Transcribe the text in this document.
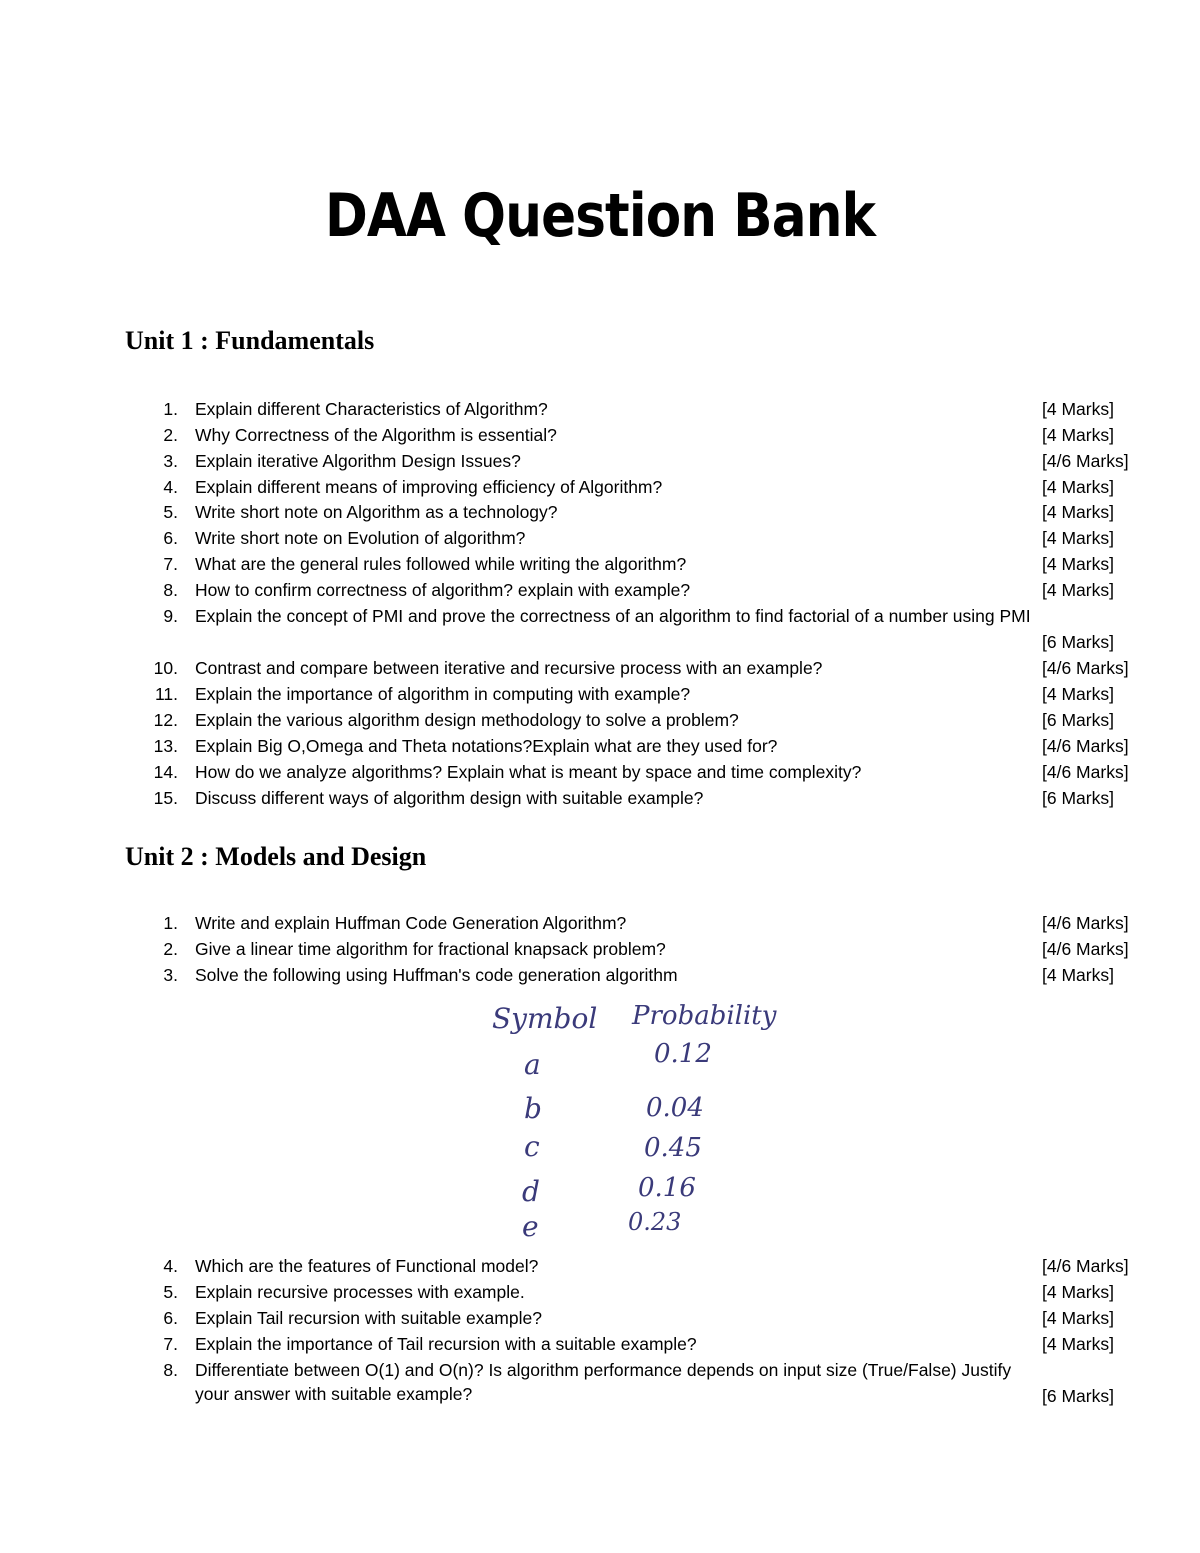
DAA Question Bank
Unit 1 : Fundamentals
1. Explain different Characteristics of Algorithm?	[4 Marks]
2. Why Correctness of the Algorithm is essential?	[4 Marks]
3. Explain iterative Algorithm Design Issues?	[4/6 Marks]
4. Explain different means of improving efficiency of Algorithm?	[4 Marks]
5. Write short note on Algorithm as a technology?	[4 Marks]
6. Write short note on Evolution of algorithm?	[4 Marks]
7. What are the general rules followed while writing the algorithm?	[4 Marks]
8. How to confirm correctness of algorithm? explain with example?	[4 Marks]
9. Explain the concept of PMI and prove the correctness of an algorithm to find factorial of a number using PMI
[6 Marks]
10. Contrast and compare between iterative and recursive process with an example?	[4/6 Marks]
11. Explain the importance of algorithm in computing with example?	[4 Marks]
12. Explain the various algorithm design methodology to solve a problem?	[6 Marks]
13. Explain Big O,Omega and Theta notations?Explain what are they used for?	[4/6 Marks]
14. How do we analyze algorithms? Explain what is meant by space and time complexity?	[4/6 Marks]
15. Discuss different ways of algorithm design with suitable example?	[6 Marks]
Unit 2 : Models and Design
1. Write and explain Huffman Code Generation Algorithm?	[4/6 Marks]
2. Give a linear time algorithm for fractional knapsack problem?	[4/6 Marks]
3. Solve the following using Huffman's code generation algorithm	[4 Marks]
Symbol Probability
a	0.12
b	0.04
c	0.45
d	0.16
e	0.23
4. Which are the features of Functional model?	[4/6 Marks]
5. Explain recursive processes with example.	[4 Marks]
6. Explain Tail recursion with suitable example?	[4 Marks]
7. Explain the importance of Tail recursion with a suitable example?	[4 Marks]
8. Differentiate between O(1) and O(n)? Is algorithm performance depends on input size (True/False) Justify your answer with suitable example?	[6 Marks]
